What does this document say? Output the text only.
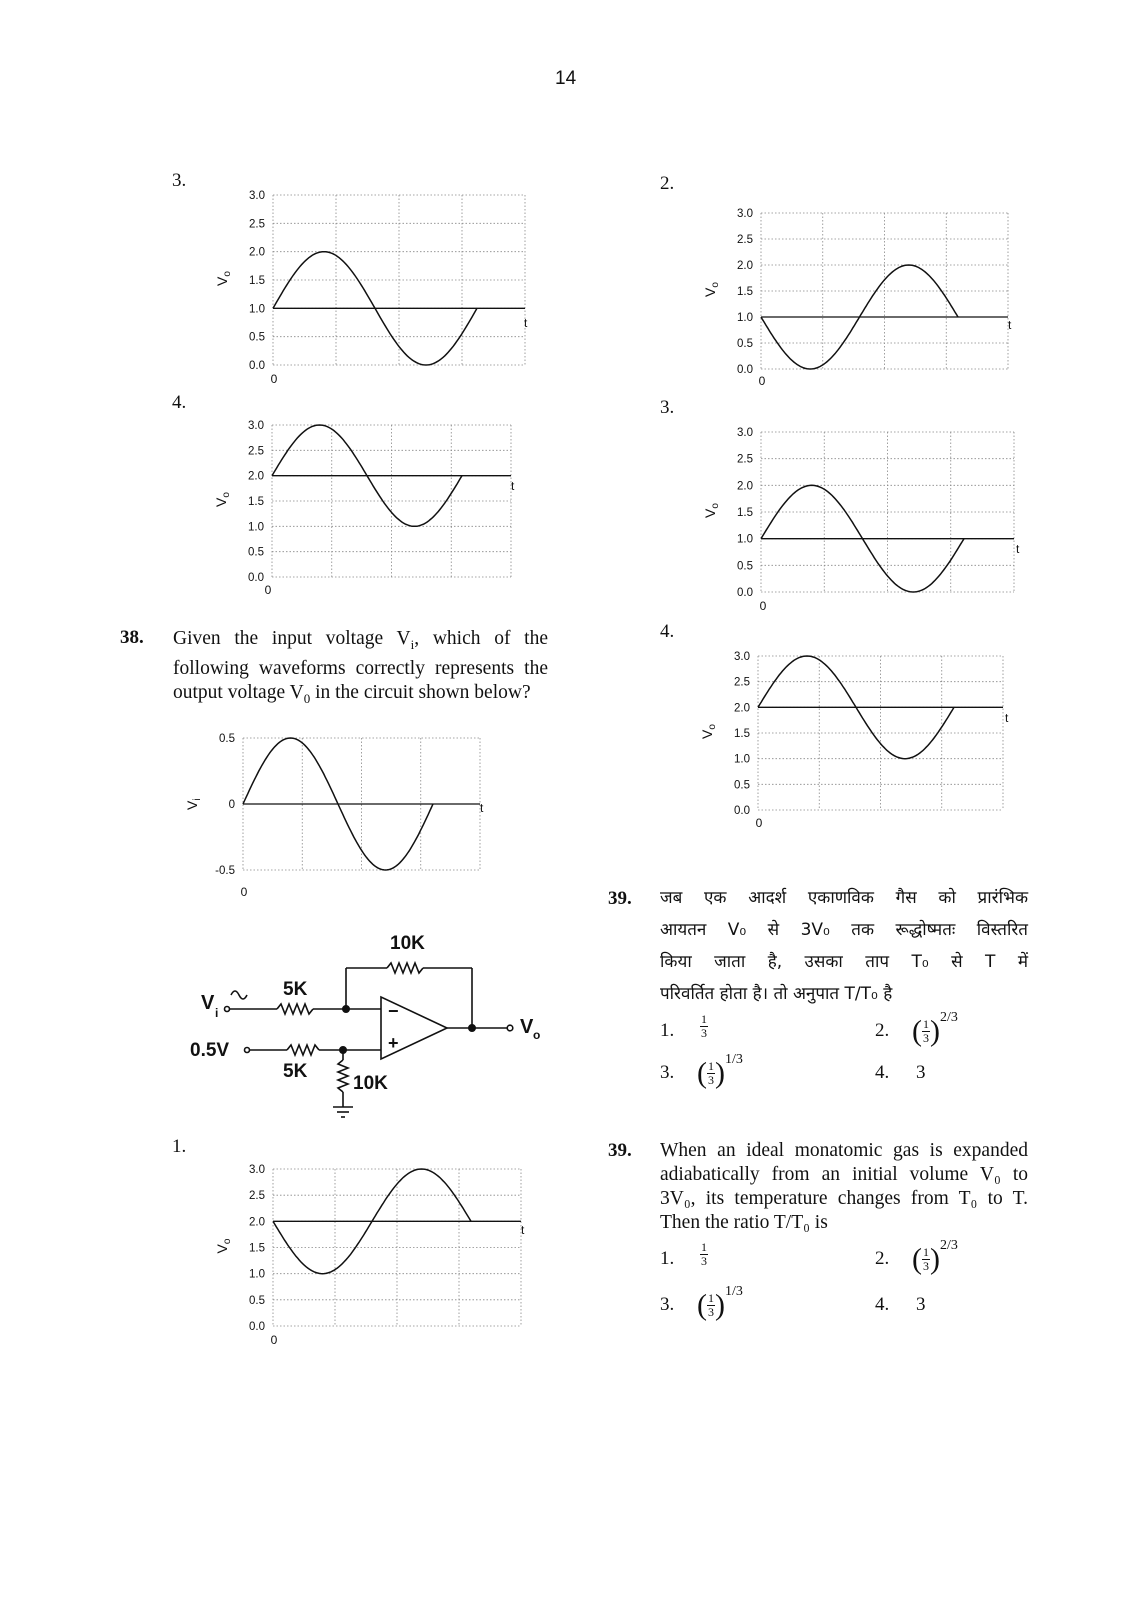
14
3.
3.0
2.5
2.0
1.5
1.0
0.5
0.0
t
0
$V_o$
4.
3.0
2.5
2.0
1.5
1.0
0.5
0.0
t
0
$V_o$
38. Given the input voltage $V_i$, which of the
following waveforms correctly represents the
output voltage $V_0$ in the circuit shown below?
0.5
0
-0.5
t
0
$V_i$
10K
5K
5K
10K
V i
0.5V
V o
−
+
1.
3.0
2.5
2.0
1.5
1.0
0.5
0.0
t
0
$V_o$
2.
3.0
2.5
2.0
1.5
1.0
0.5
0.0
t
0
$V_o$
3.
3.0
2.5
2.0
1.5
1.0
0.5
0.0
t
0
$V_o$
4.
3.0
2.5
2.0
1.5
1.0
0.5
0.0
t
0
$V_o$
39. जब एक आदर्श एकाणविक गैस को प्रारंभिक
आयतन V₀ से 3V₀ तक रूद्धोष्मतः विस्तरित
किया जाता है, उसका ताप T₀ से T में
परिवर्तित होता है। तो अनुपात T/T₀ है
1. $\frac{1}{3}$	2. ( $\frac{1}{3} )2/3$
3. ( $\frac{1}{3} )1/3$
4. 3
39. When an ideal monatomic gas is expanded
adiabatically from an initial volume V₀ to
3V₀, its temperature changes from T₀ to T.
Then the ratio T/T₀ is
1. $\frac{1}{3}$	2. ( $\frac{1}{3} )2/3$
3. ( $\frac{1}{3} )1/3$
4. 3
